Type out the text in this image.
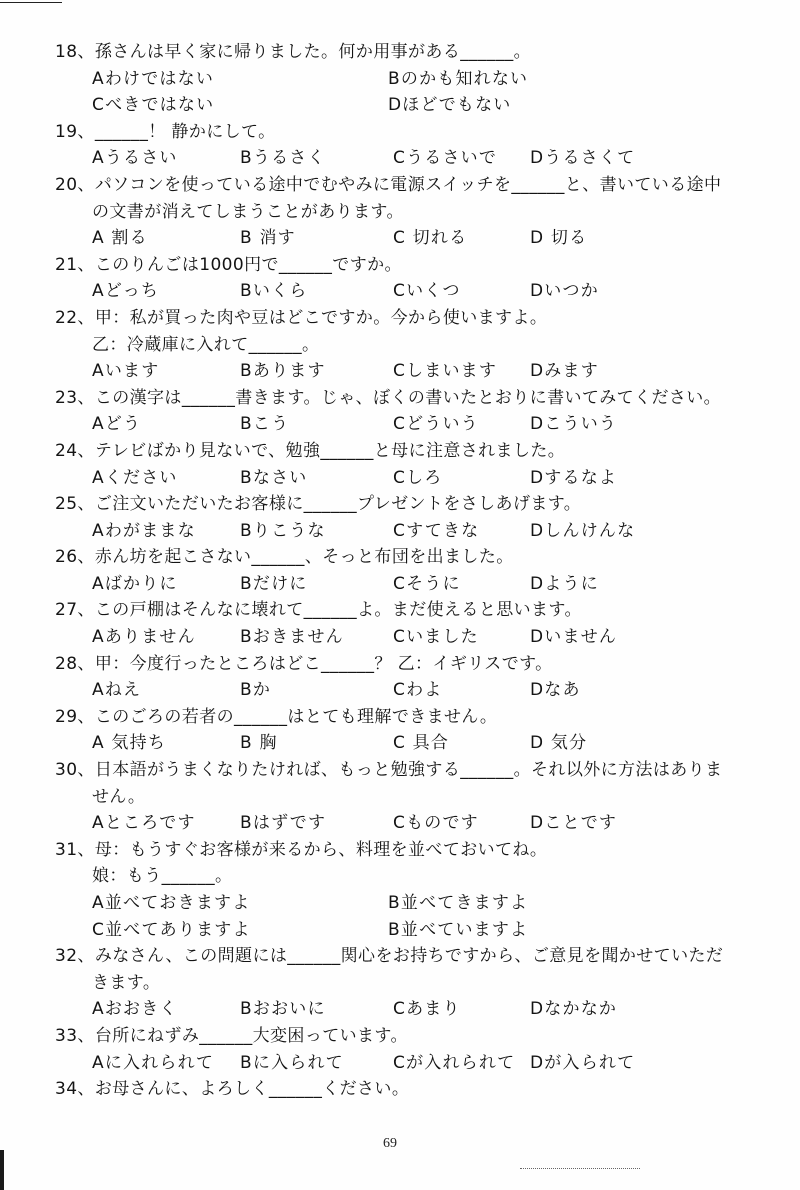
18、孫さんは早く家に帰りました。何か用事がある______。
Aわけではない	Bのかも知れない
Cべきではない	Dほどでもない
19、______！ 静かにして。
Aうるさい	Bうるさく	Cうるさいで Dうるさくて
20、パソコンを使っている途中でむやみに電源スイッチを______と、書いている途中
の文書が消えてしまうことがあります。
A 割る	B 消す	C 切れる	D 切る
21、このりんごは1000円で______ですか。
Aどっち	Bいくら	Cいくつ	Dいつか
22、甲：私が買った肉や豆はどこですか。今から使いますよ。
乙：冷蔵庫に入れて______。
Aいます	Bあります	Cしまいます Dみます
23、この漢字は______書きます。じゃ、ぼくの書いたとおりに書いてみてください。
Aどう	Bこう	Cどういう	Dこういう
24、テレビばかり見ないで、勉強______と母に注意されました。
Aください	Bなさい	Cしろ	Dするなよ
25、ご注文いただいたお客様に______プレゼントをさしあげます。
Aわがままな	Bりこうな	Cすてきな	Dしんけんな
26、赤ん坊を起こさない______、そっと布団を出ました。
Aばかりに	Bだけに	Cそうに	Dように
27、この戸棚はそんなに壊れて______よ。まだ使えると思います。
Aありません	Bおきません	Cいました	Dいません
28、甲：今度行ったところはどこ______？ 乙：イギリスです。
Aねえ	Bか	Cわよ	Dなあ
29、このごろの若者の______はとても理解できません。
A 気持ち	B 胸	C 具合	D 気分
30、日本語がうまくなりたければ、もっと勉強する______。それ以外に方法はありま
せん。
Aところです	Bはずです	Cものです	Dことです
31、母：もうすぐお客様が来るから、料理を並べておいてね。
娘：もう______。
A並べておきますよ	B並べてきますよ
C並べてありますよ	B並べていますよ
32、みなさん、この問題には______関心をお持ちですから、ご意見を聞かせていただ
きます。
Aおおきく	Bおおいに	Cあまり	Dなかなか
33、台所にねずみ______大変困っています。
Aに入れられて Bに入られて	Cが入れられて Dが入られて
34、お母さんに、よろしく______ください。
69
